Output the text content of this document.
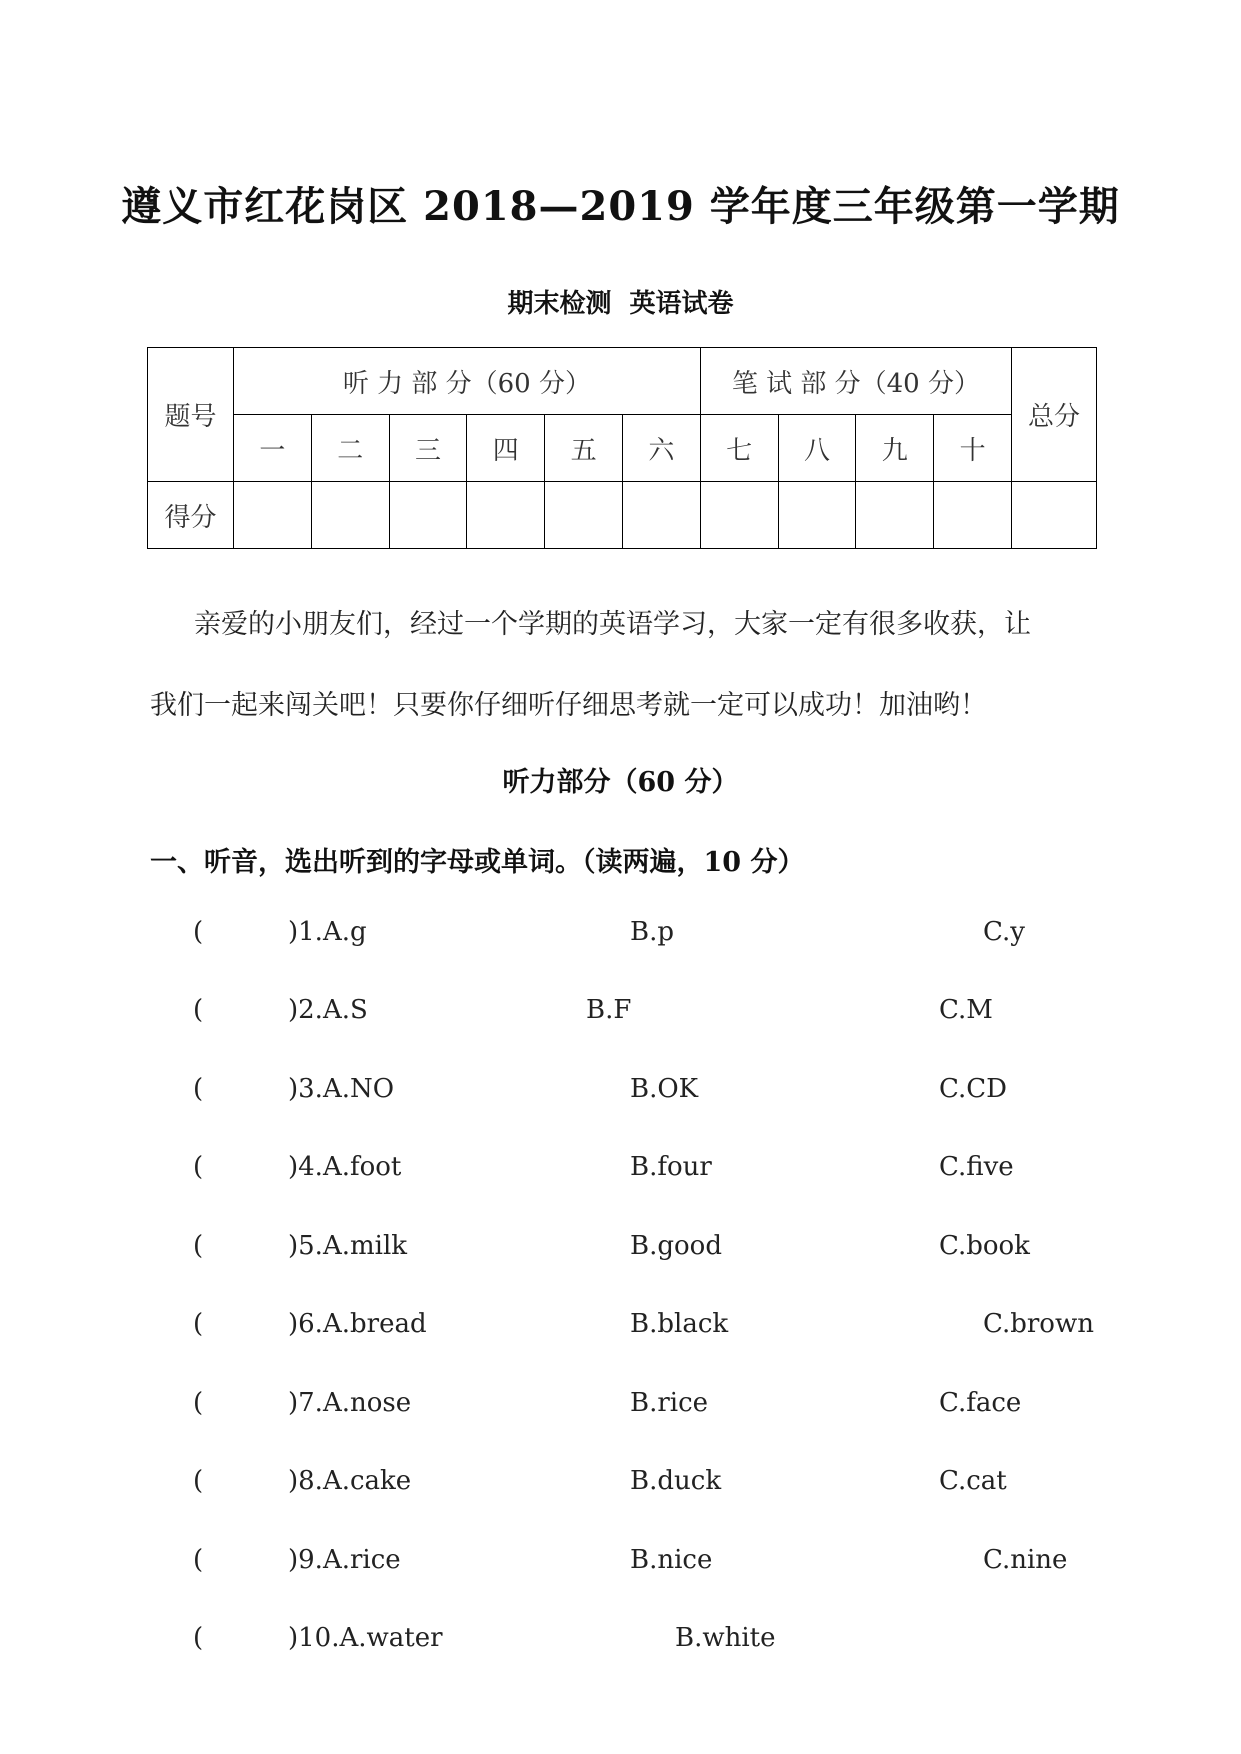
遵义市红花岗区 2018—2019 学年度三年级第一学期
期末检测  英语试卷
题号	听 力 部 分（60 分）						笔 试 部 分（40 分）				总分
	一	二	三	四	五	六	七	八	九	十	
得分											
亲爱的小朋友们，经过一个学期的英语学习，大家一定有很多收获，让
我们一起来闯关吧！只要你仔细听仔细思考就一定可以成功！加油哟！
听力部分（60 分）
一、听音，选出听到的字母或单词。（读两遍，10 分）
(	)1.A.g	B.p	C.y
(	)2.A.S	B.F	C.M
(	)3.A.NO	B.OK	C.CD
(	)4.A.foot	B.four	C.five
(	)5.A.milk	B.good	C.book
(	)6.A.bread	B.black	C.brown
(	)7.A.nose	B.rice	C.face
(	)8.A.cake	B.duck	C.cat
(	)9.A.rice	B.nice	C.nine
(	)10.A.water	B.white
